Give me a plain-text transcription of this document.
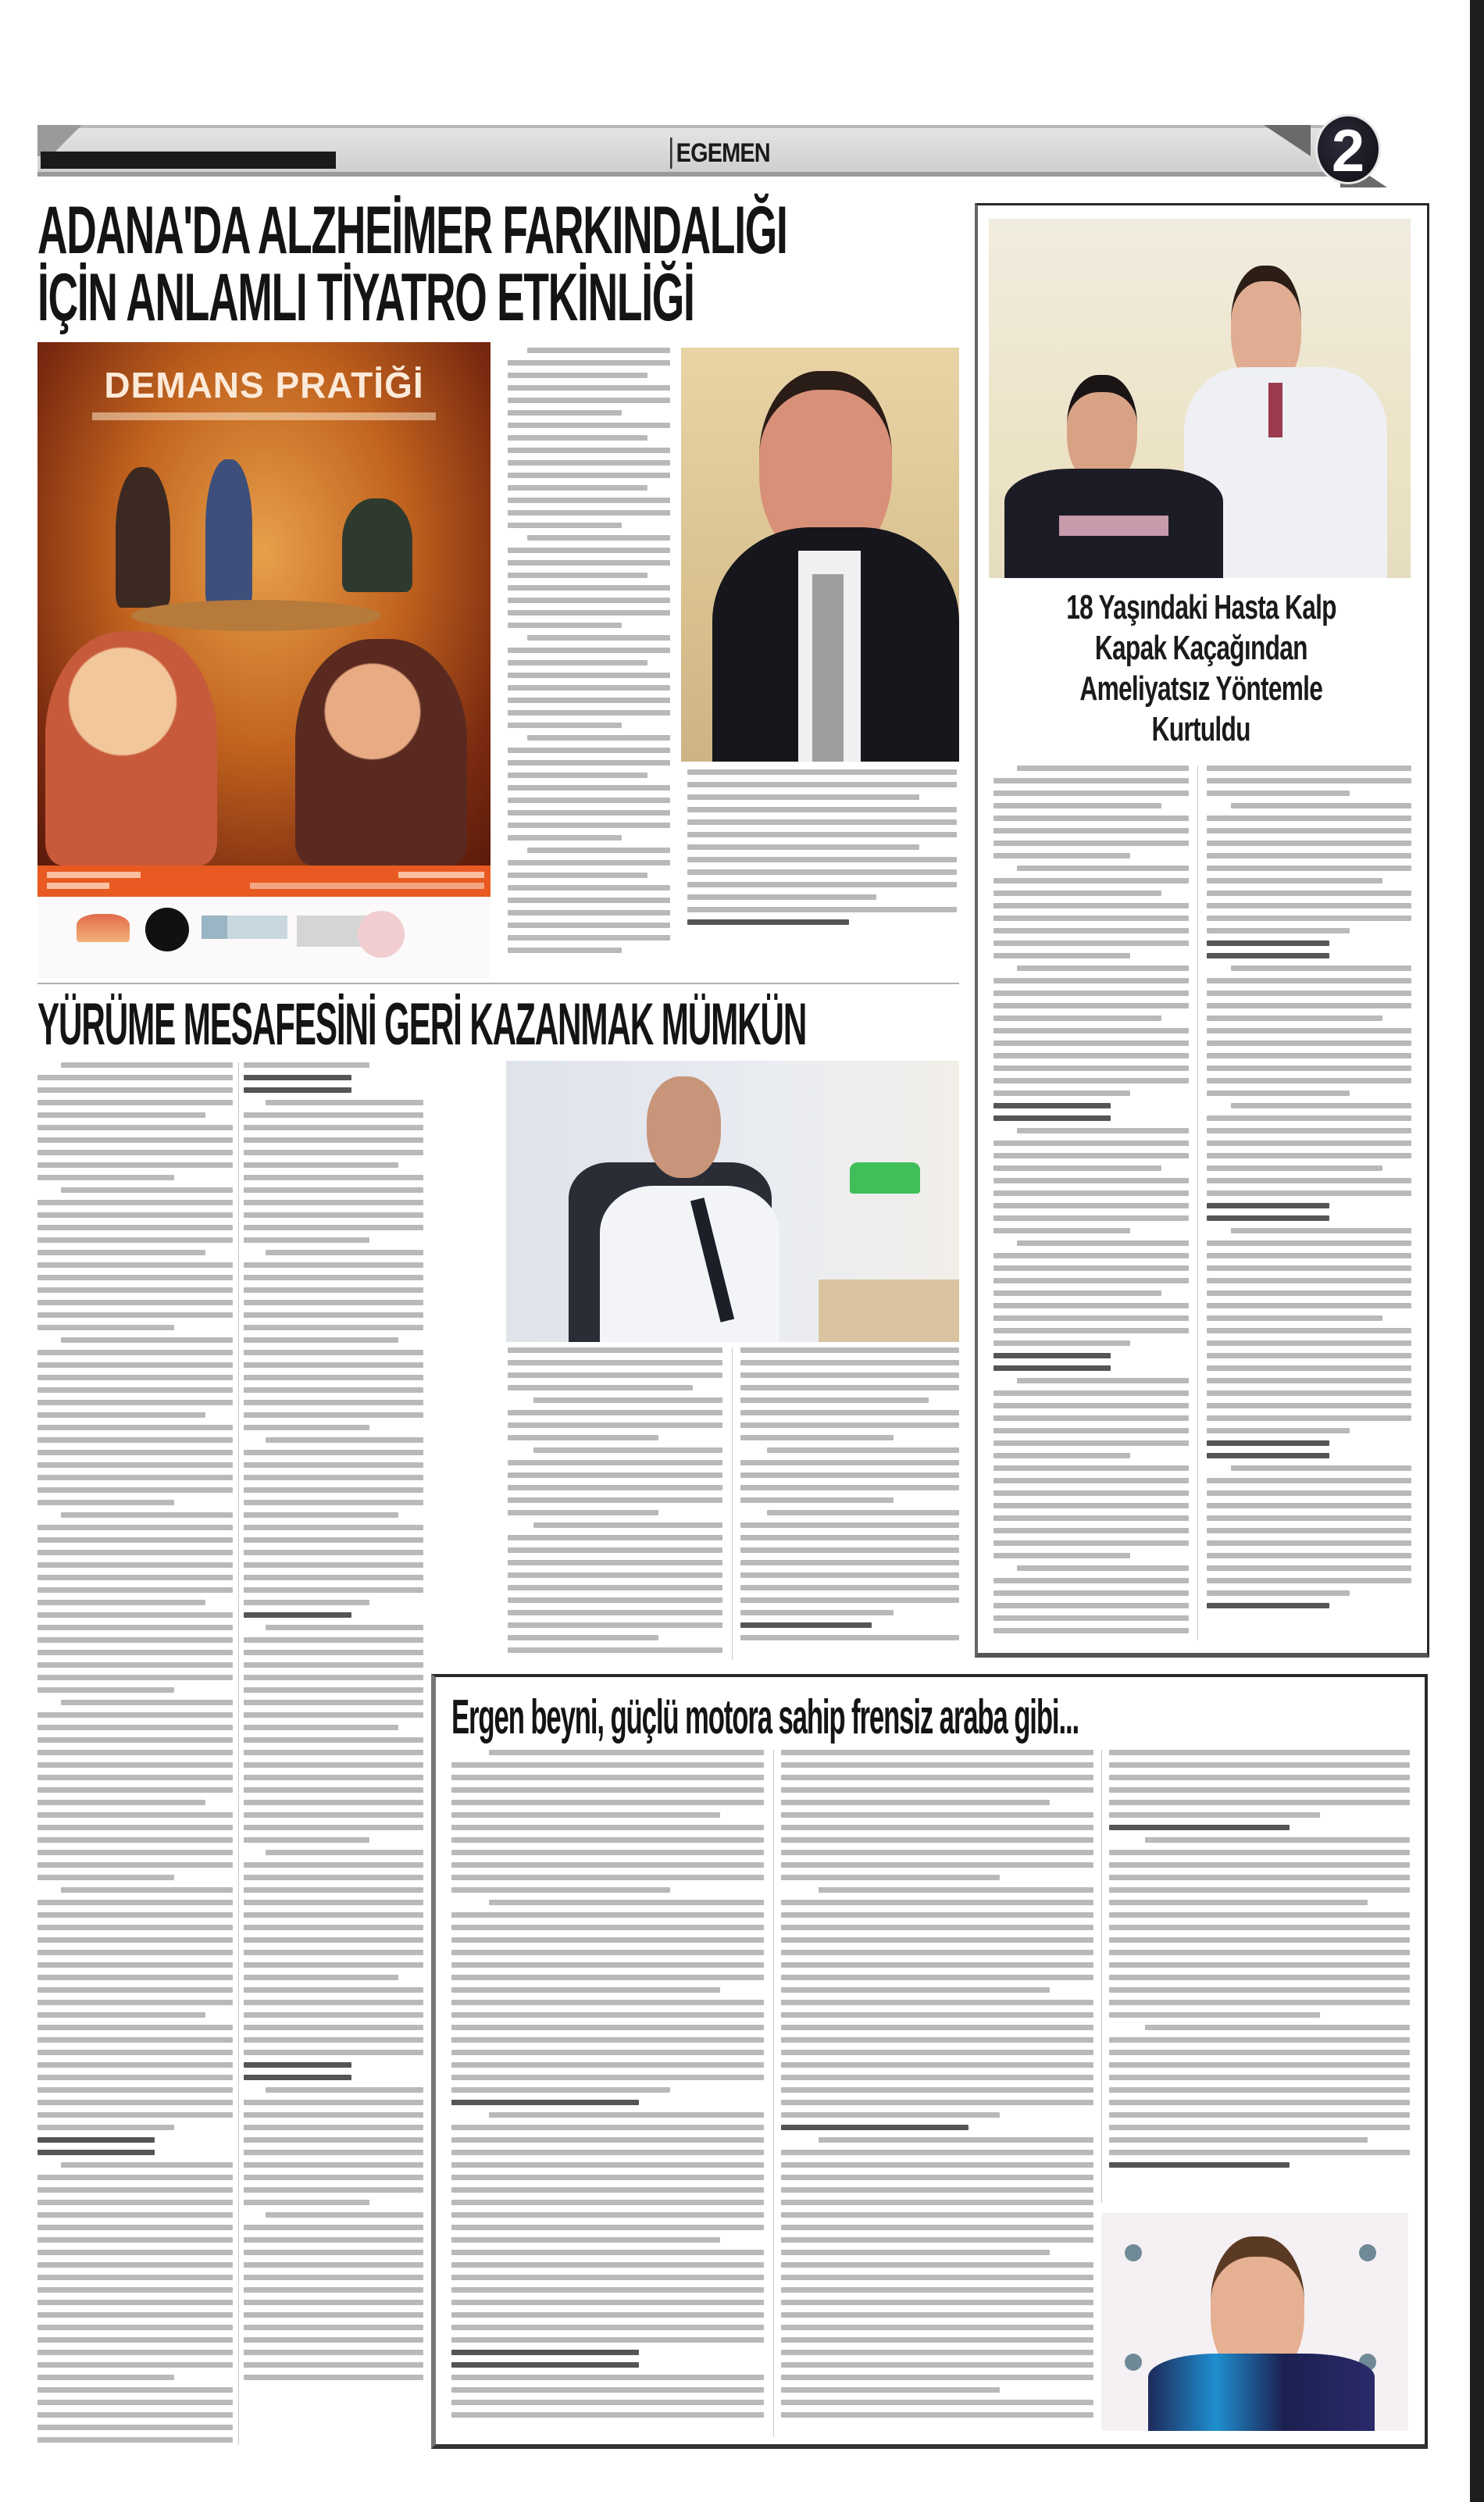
EGEMEN	2
ADANA'DA ALZHEİMER FARKINDALIĞI
İÇİN ANLAMLI TİYATRO ETKİNLİĞİ
DEMANS PRATİĞİ
18 Yaşındaki Hasta Kalp
Kapak Kaçağından
Ameliyatsız Yöntemle
Kurtuldu
YÜRÜME MESAFESİNİ GERİ KAZANMAK MÜMKÜN
Ergen beyni, güçlü motora sahip frensiz araba gibi...
